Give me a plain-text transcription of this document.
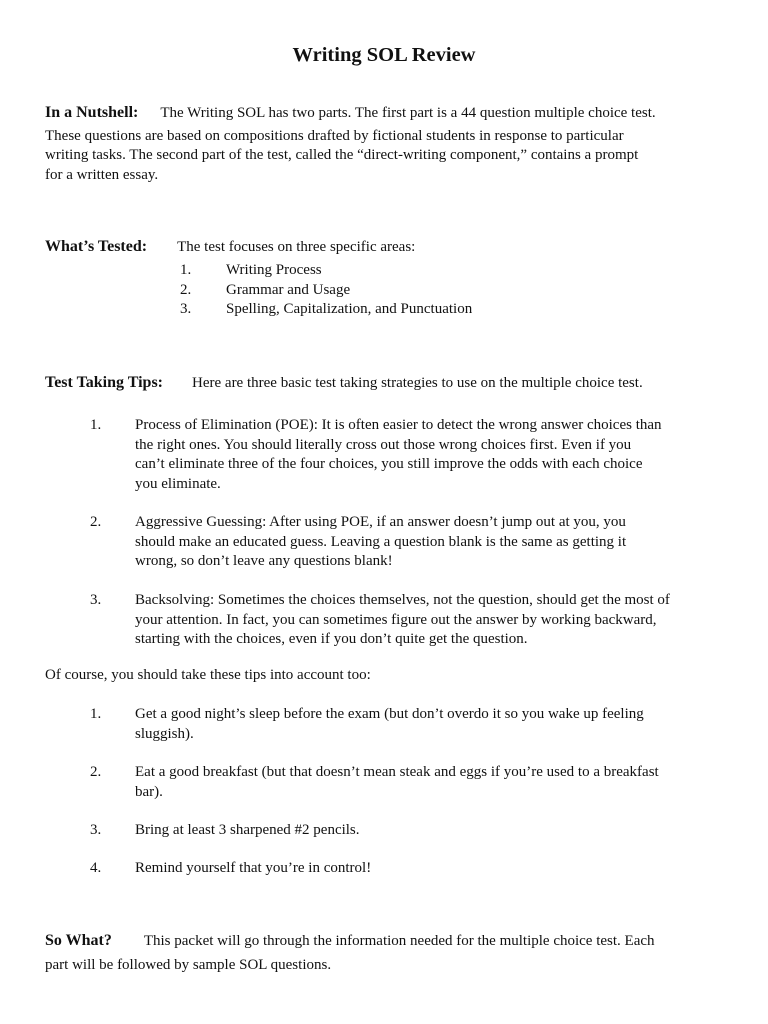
Writing SOL Review
In a Nutshell: The Writing SOL has two parts. The first part is a 44 question multiple choice test.
These questions are based on compositions drafted by fictional students in response to particular
writing tasks. The second part of the test, called the “direct-writing component,” contains a prompt
for a written essay.
What’s Tested: The test focuses on three specific areas:
1. Writing Process
2. Grammar and Usage
3. Spelling, Capitalization, and Punctuation
Test Taking Tips: Here are three basic test taking strategies to use on the multiple choice test.
1. Process of Elimination (POE): It is often easier to detect the wrong answer choices than
the right ones. You should literally cross out those wrong choices first. Even if you
can’t eliminate three of the four choices, you still improve the odds with each choice
you eliminate.
2. Aggressive Guessing: After using POE, if an answer doesn’t jump out at you, you
should make an educated guess. Leaving a question blank is the same as getting it
wrong, so don’t leave any questions blank!
3. Backsolving: Sometimes the choices themselves, not the question, should get the most of
your attention. In fact, you can sometimes figure out the answer by working backward,
starting with the choices, even if you don’t quite get the question.
Of course, you should take these tips into account too:
1. Get a good night’s sleep before the exam (but don’t overdo it so you wake up feeling
sluggish).
2. Eat a good breakfast (but that doesn’t mean steak and eggs if you’re used to a breakfast
bar).
3. Bring at least 3 sharpened #2 pencils.
4. Remind yourself that you’re in control!
So What? This packet will go through the information needed for the multiple choice test. Each
part will be followed by sample SOL questions.
